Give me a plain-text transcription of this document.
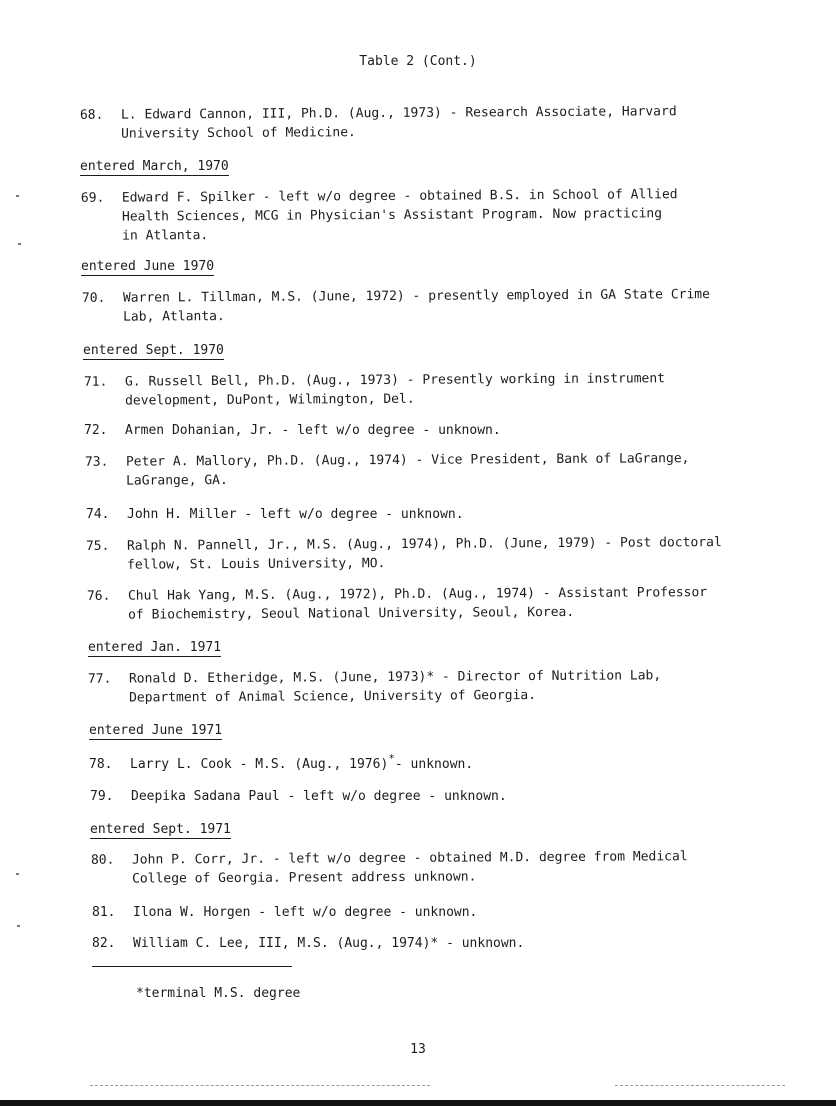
Table 2 (Cont.)
68. L. Edward Cannon, III, Ph.D. (Aug., 1973) - Research Associate, Harvard
University School of Medicine.
entered March, 1970
69. Edward F. Spilker - left w/o degree - obtained B.S. in School of Allied
Health Sciences, MCG in Physician's Assistant Program. Now practicing
in Atlanta.
entered June 1970
70. Warren L. Tillman, M.S. (June, 1972) - presently employed in GA State Crime
Lab, Atlanta.
entered Sept. 1970
71. G. Russell Bell, Ph.D. (Aug., 1973) - Presently working in instrument
development, DuPont, Wilmington, Del.
72. Armen Dohanian, Jr. - left w/o degree - unknown.
73. Peter A. Mallory, Ph.D. (Aug., 1974) - Vice President, Bank of LaGrange,
LaGrange, GA.
74. John H. Miller - left w/o degree - unknown.
75. Ralph N. Pannell, Jr., M.S. (Aug., 1974), Ph.D. (June, 1979) - Post doctoral
fellow, St. Louis University, MO.
76. Chul Hak Yang, M.S. (Aug., 1972), Ph.D. (Aug., 1974) - Assistant Professor
of Biochemistry, Seoul National University, Seoul, Korea.
entered Jan. 1971
77. Ronald D. Etheridge, M.S. (June, 1973)* - Director of Nutrition Lab,
Department of Animal Science, University of Georgia.
entered June 1971
78. Larry L. Cook - M.S. (Aug., 1976)*- unknown.
79. Deepika Sadana Paul - left w/o degree - unknown.
entered Sept. 1971
80. John P. Corr, Jr. - left w/o degree - obtained M.D. degree from Medical
College of Georgia. Present address unknown.
81. Ilona W. Horgen - left w/o degree - unknown.
82. William C. Lee, III, M.S. (Aug., 1974)* - unknown.
*terminal M.S. degree
13
